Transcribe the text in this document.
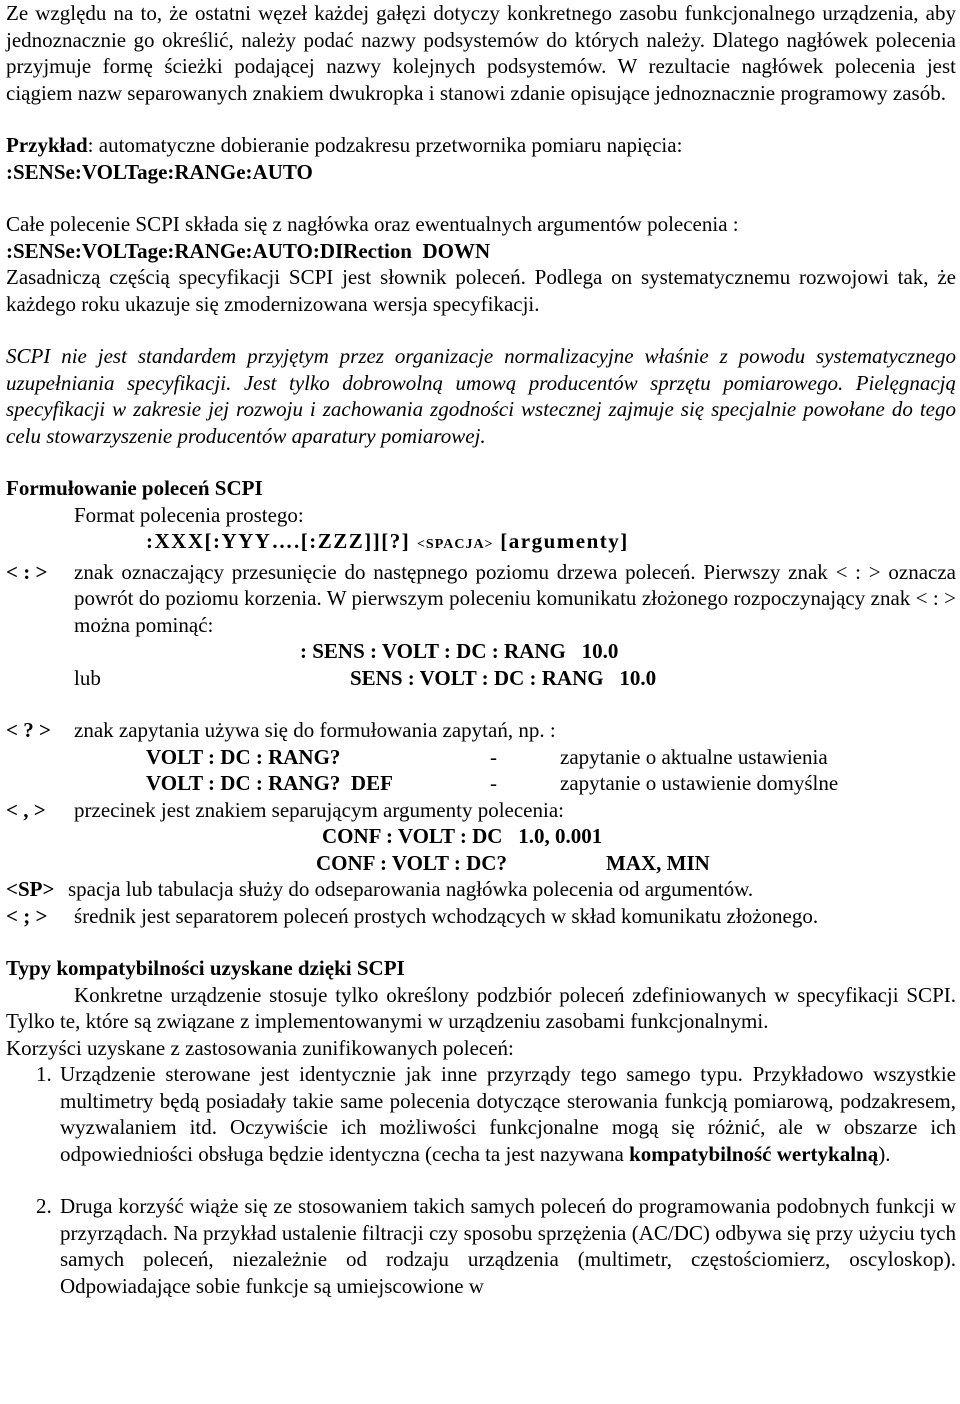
Ze względu na to, że ostatni węzeł każdej gałęzi dotyczy konkretnego zasobu funkcjonalnego urządzenia, aby jednoznacznie go określić, należy podać nazwy podsystemów do których należy. Dlatego nagłówek polecenia przyjmuje formę ścieżki podającej nazwy kolejnych podsystemów. W rezultacie nagłówek polecenia jest ciągiem nazw separowanych znakiem dwukropka i stanowi zdanie opisujące jednoznacznie programowy zasób.

Przykład: automatyczne dobieranie podzakresu przetwornika pomiaru napięcia:

:SENSe:VOLTage:RANGe:AUTO

Całe polecenie SCPI składa się z nagłówka oraz ewentualnych argumentów polecenia :

:SENSe:VOLTage:RANGe:AUTO:DIRection  DOWN

Zasadniczą częścią specyfikacji SCPI jest słownik poleceń. Podlega on systematycznemu rozwojowi tak, że każdego roku ukazuje się zmodernizowana wersja specyfikacji.

SCPI nie jest standardem przyjętym przez organizacje normalizacyjne właśnie z powodu systematycznego uzupełniania specyfikacji. Jest tylko dobrowolną umową producentów sprzętu pomiarowego. Pielęgnacją specyfikacji w zakresie jej rozwoju i zachowania zgodności wstecznej zajmuje się specjalnie powołane do tego celu stowarzyszenie producentów aparatury pomiarowej.

Formułowanie poleceń SCPI

Format polecenia prostego:

:XXX[:YYY….[:ZZZ]][?] <SPACJA> [argumenty]

< : >	znak oznaczający przesunięcie do następnego poziomu drzewa poleceń. Pierwszy znak < : > oznacza powrót do poziomu korzenia. W pierwszym poleceniu komunikatu złożonego rozpoczynający znak < : > można pominąć:

: SENS : VOLT : DC : RANG   10.0

lub	SENS : VOLT : DC : RANG   10.0
< ? >	znak zapytania używa się do formułowania zapytań, np. :
VOLT : DC : RANG?	-	zapytanie o aktualne ustawienia
VOLT : DC : RANG?  DEF	-	zapytanie o ustawienie domyślne
< , >	przecinek jest znakiem separującym argumenty polecenia:

CONF : VOLT : DC   1.0, 0.001

CONF : VOLT : DC?	MAX, MIN
<SP> spacja lub tabulacja służy do odseparowania nagłówka polecenia od argumentów.
< ; >	średnik jest separatorem poleceń prostych wchodzących w skład komunikatu złożonego.

Typy kompatybilności uzyskane dzięki SCPI

Konkretne urządzenie stosuje tylko określony podzbiór poleceń zdefiniowanych w specyfikacji SCPI. Tylko te, które są związane z implementowanymi w urządzeniu zasobami funkcjonalnymi.

Korzyści uzyskane z zastosowania zunifikowanych poleceń:

1. Urządzenie sterowane jest identycznie jak inne przyrządy tego samego typu. Przykładowo wszystkie multimetry będą posiadały takie same polecenia dotyczące sterowania funkcją pomiarową, podzakresem, wyzwalaniem itd. Oczywiście ich możliwości funkcjonalne mogą się różnić, ale w obszarze ich odpowiedniości obsługa będzie identyczna (cecha ta jest nazywana kompatybilność wertykalną).
2. Druga korzyść wiąże się ze stosowaniem takich samych poleceń do programowania podobnych funkcji w przyrządach. Na przykład ustalenie filtracji czy sposobu sprzężenia (AC/DC) odbywa się przy użyciu tych samych poleceń, niezależnie od rodzaju urządzenia (multimetr, częstościomierz, oscyloskop). Odpowiadające sobie funkcje są umiejscowione w
